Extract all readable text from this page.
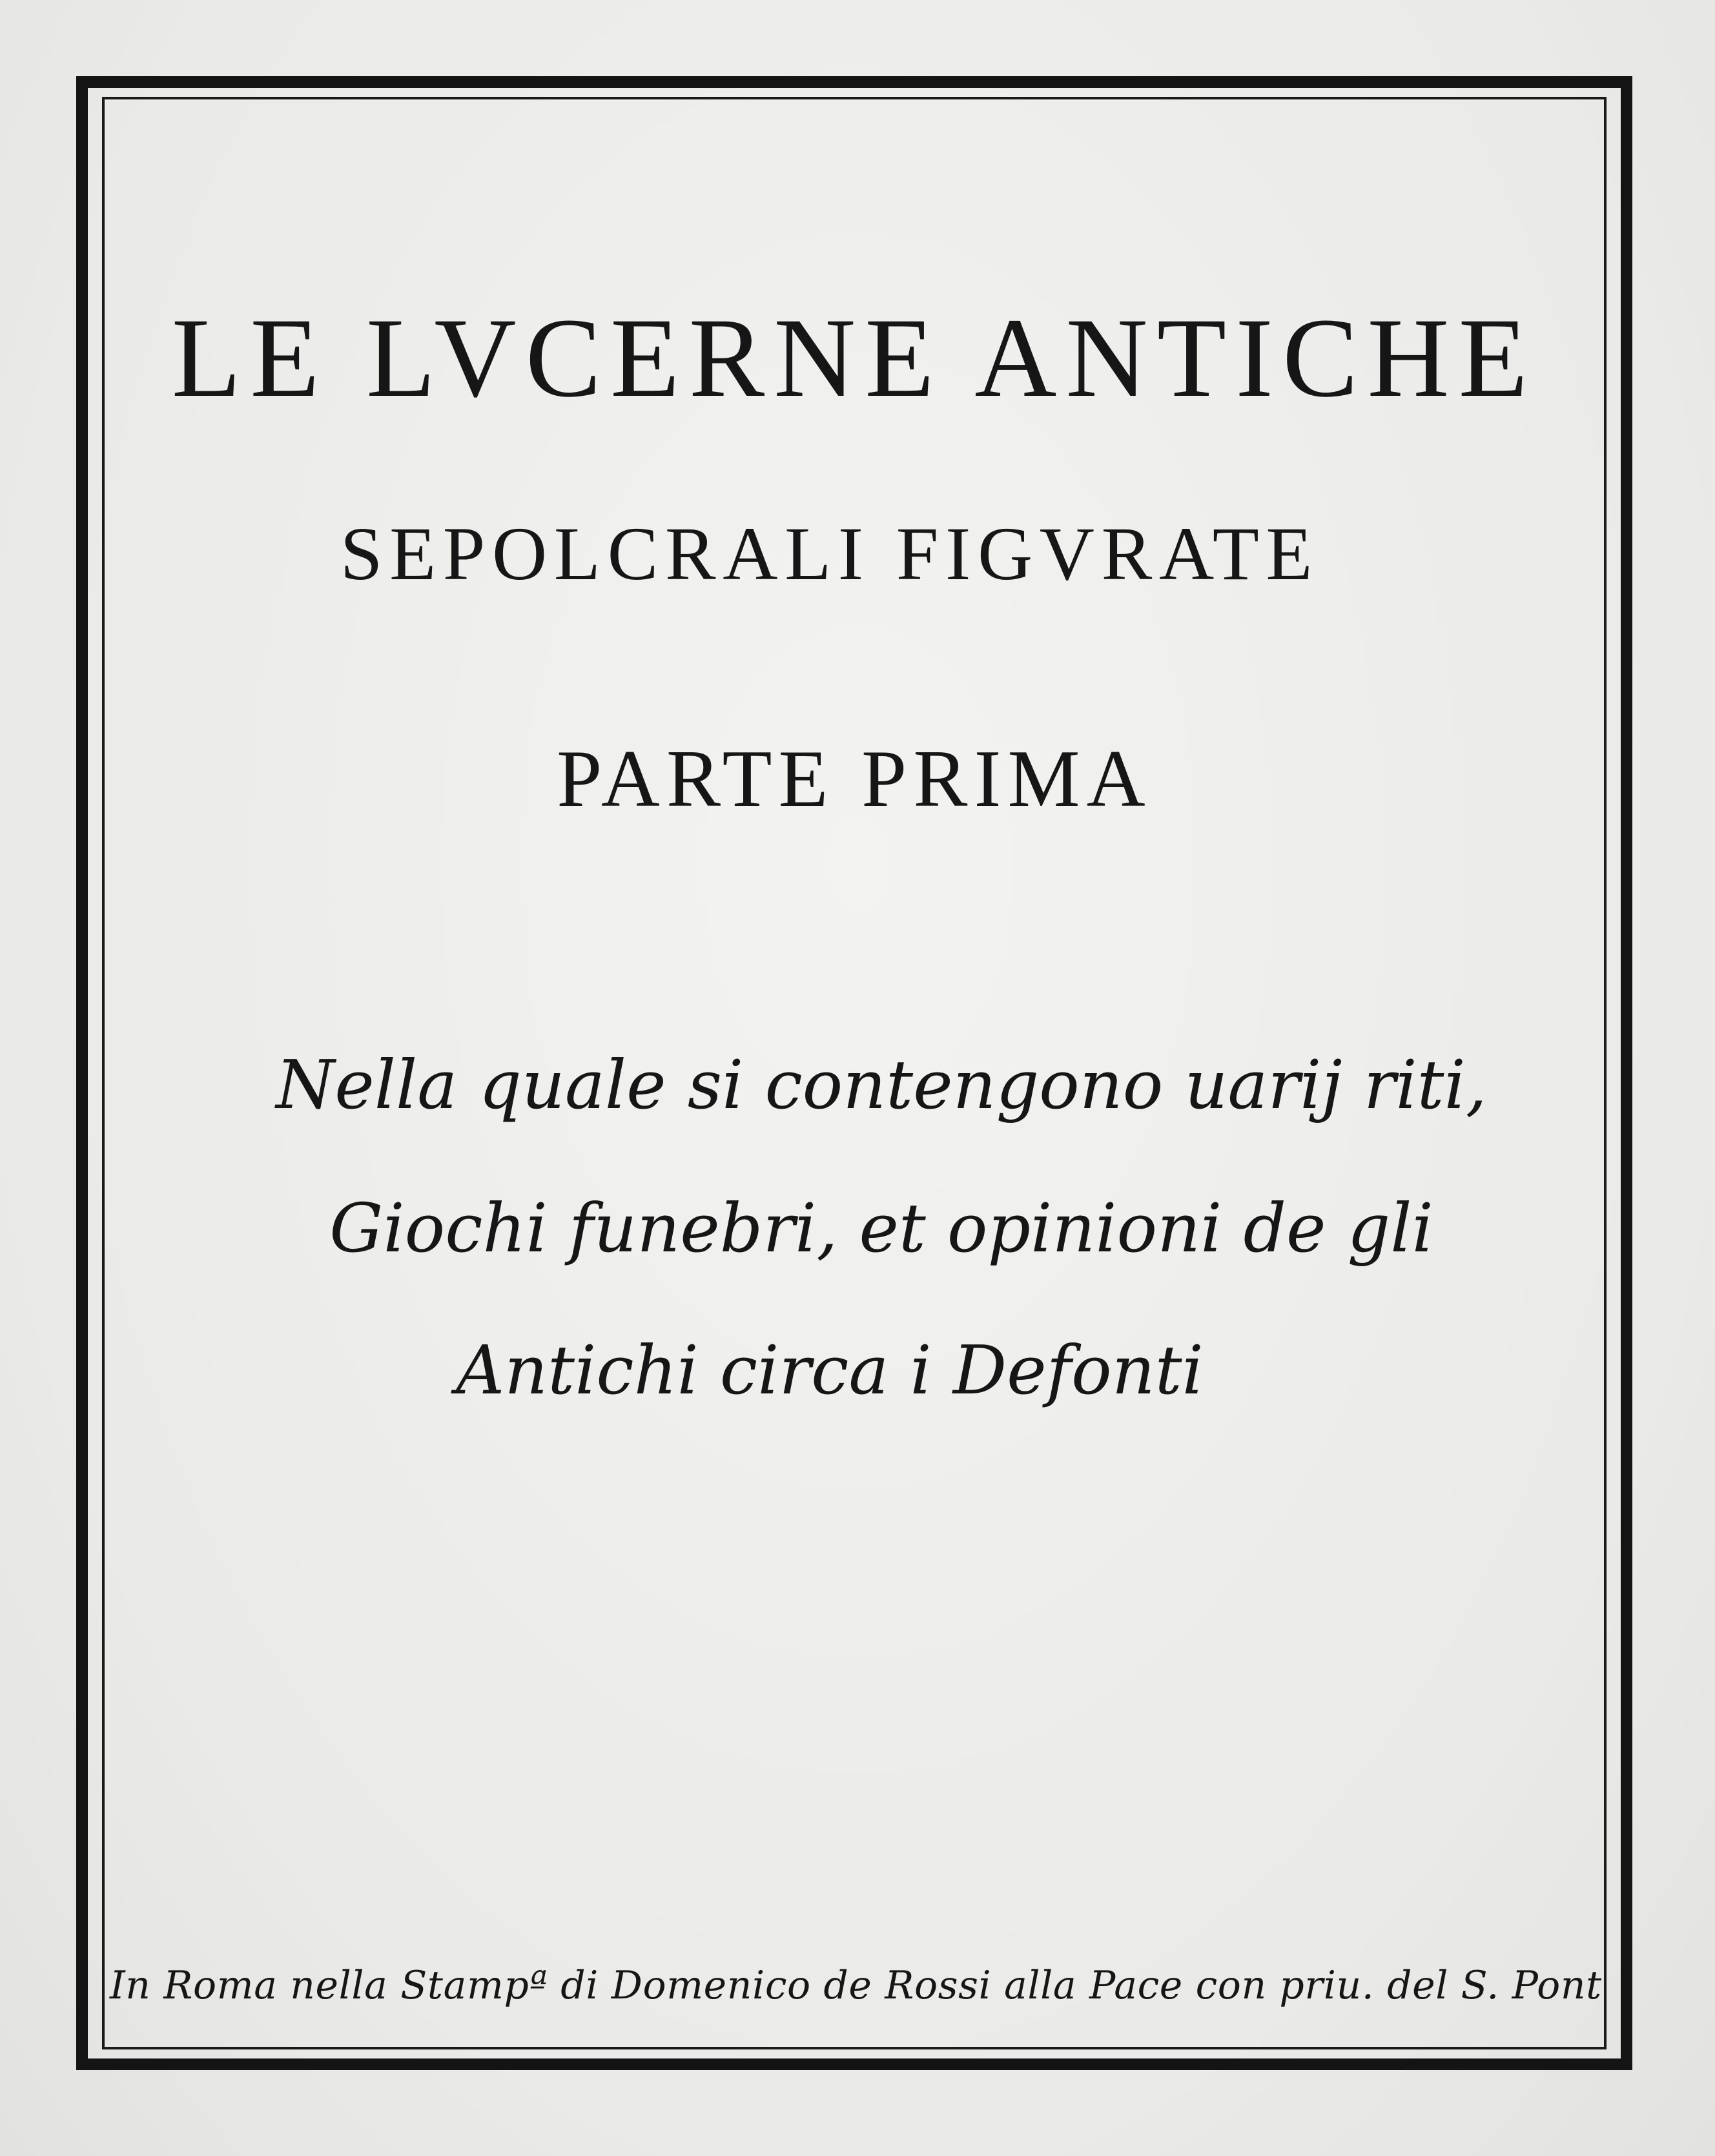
LE LVCERNE ANTICHE
SEPOLCRALI FIGVRATE
PARTE PRIMA
Nella quale si contengono uarij riti,
Giochi funebri, et opinioni de gli
Antichi circa i Defonti
In Roma nella Stampª di Domenico de Rossi alla Pace con priu. del S. Pont
